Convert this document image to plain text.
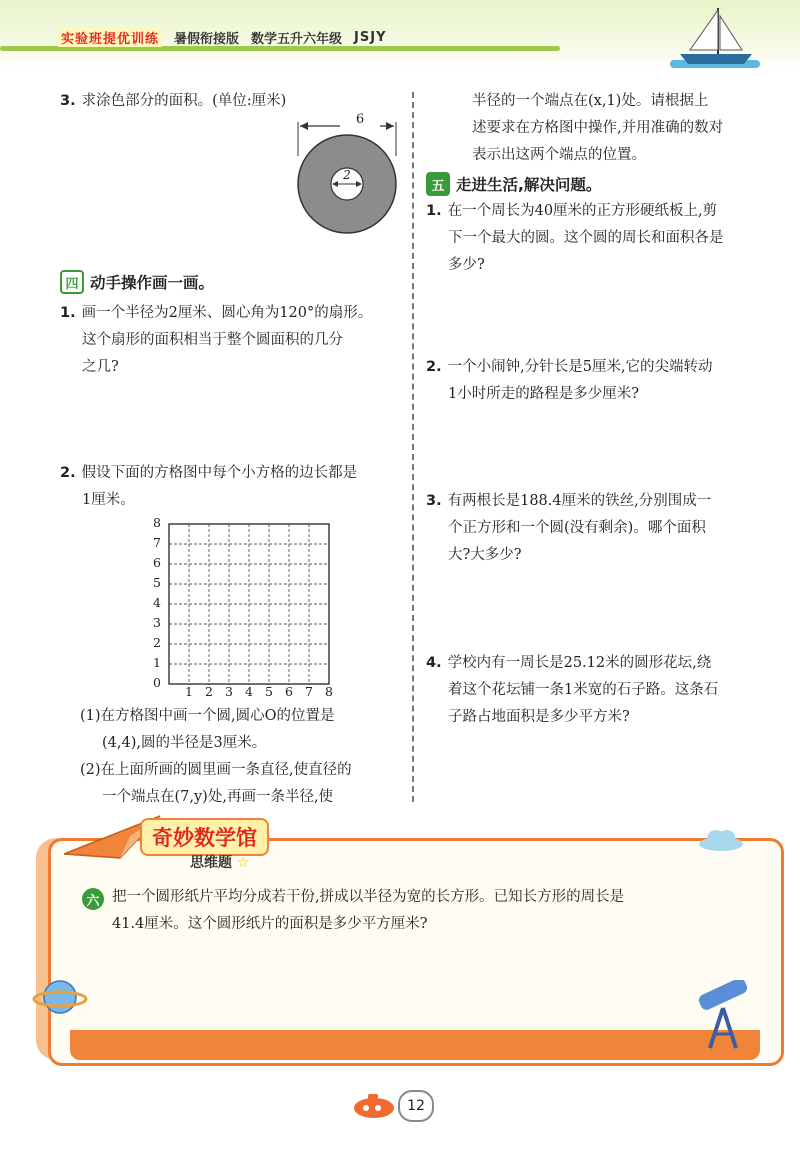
实验班提优训练 暑假衔接版 数学五升六年级 JSJY
3. 求涂色部分的面积。(单位:厘米)
6
2
四 动手操作画一画。
1. 画一个半径为2厘米、圆心角为120°的扇形。
这个扇形的面积相当于整个圆面积的几分
之几?
2. 假设下面的方格图中每个小方格的边长都是
1厘米。
8
7
6
5
4
3
2
1
0
1 2 3 4 5 6 7 8
(1)在方格图中画一个圆,圆心O的位置是
(4,4),圆的半径是3厘米。
(2)在上面所画的圆里画一条直径,使直径的
一个端点在(7,y)处,再画一条半径,使
半径的一个端点在(x,1)处。请根据上
述要求在方格图中操作,并用准确的数对
表示出这两个端点的位置。
五 走进生活,解决问题。
1. 在一个周长为40厘米的正方形硬纸板上,剪
下一个最大的圆。这个圆的周长和面积各是
多少?
2. 一个小闹钟,分针长是5厘米,它的尖端转动
1小时所走的路程是多少厘米?
3. 有两根长是188.4厘米的铁丝,分别围成一
个正方形和一个圆(没有剩余)。哪个面积
大?大多少?
4. 学校内有一周长是25.12米的圆形花坛,绕
着这个花坛铺一条1米宽的石子路。这条石
子路占地面积是多少平方米?
奇妙数学馆
思维题 ☆
六 把一个圆形纸片平均分成若干份,拼成以半径为宽的长方形。已知长方形的周长是
41.4厘米。这个圆形纸片的面积是多少平方厘米?
12
